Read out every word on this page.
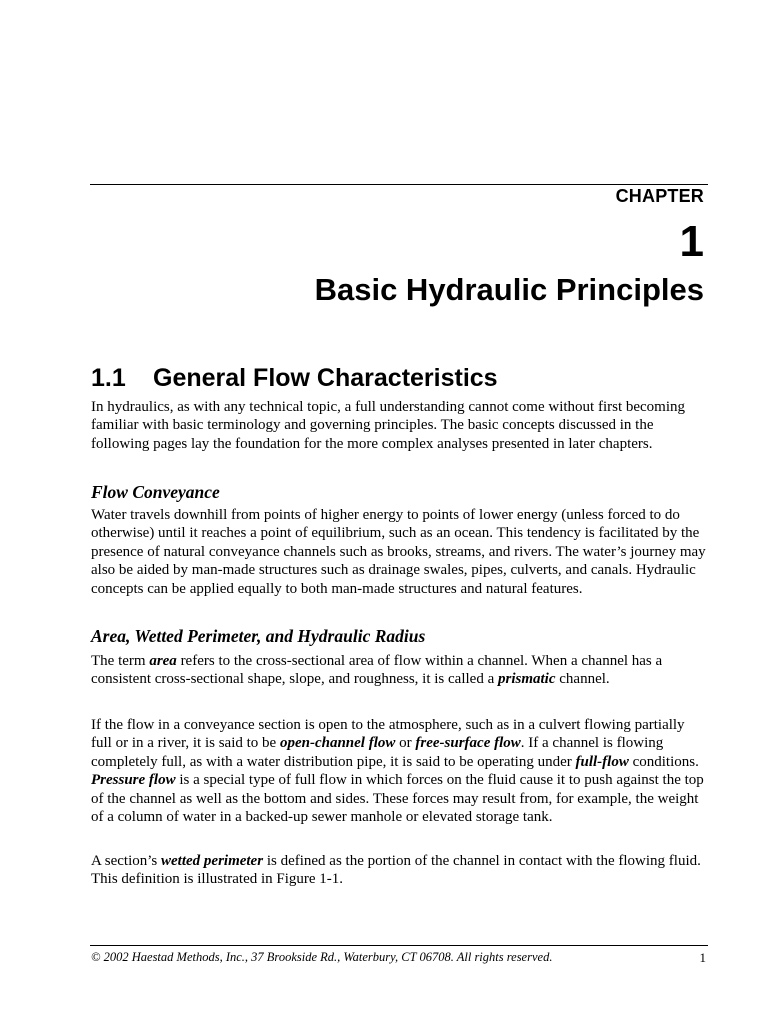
CHAPTER
1
Basic Hydraulic Principles
1.1 General Flow Characteristics

In hydraulics, as with any technical topic, a full understanding cannot come without first becoming familiar with basic terminology and governing principles. The basic concepts discussed in the following pages lay the foundation for the more complex analyses presented in later chapters.

Flow Conveyance

Water travels downhill from points of higher energy to points of lower energy (unless forced to do otherwise) until it reaches a point of equilibrium, such as an ocean. This tendency is facilitated by the presence of natural conveyance channels such as brooks, streams, and rivers. The water’s journey may also be aided by man-made structures such as drainage swales, pipes, culverts, and canals. Hydraulic concepts can be applied equally to both man-made structures and natural features.

Area, Wetted Perimeter, and Hydraulic Radius

The term area refers to the cross-sectional area of flow within a channel. When a channel has a consistent cross-sectional shape, slope, and roughness, it is called a prismatic channel.

If the flow in a conveyance section is open to the atmosphere, such as in a culvert flowing partially full or in a river, it is said to be open-channel flow or free-surface flow. If a channel is flowing completely full, as with a water distribution pipe, it is said to be operating under full-flow conditions. Pressure flow is a special type of full flow in which forces on the fluid cause it to push against the top of the channel as well as the bottom and sides. These forces may result from, for example, the weight of a column of water in a backed-up sewer manhole or elevated storage tank.

A section’s wetted perimeter is defined as the portion of the channel in contact with the flowing fluid. This definition is illustrated in Figure 1-1.

© 2002 Haestad Methods, Inc., 37 Brookside Rd., Waterbury, CT 06708. All rights reserved.	1
